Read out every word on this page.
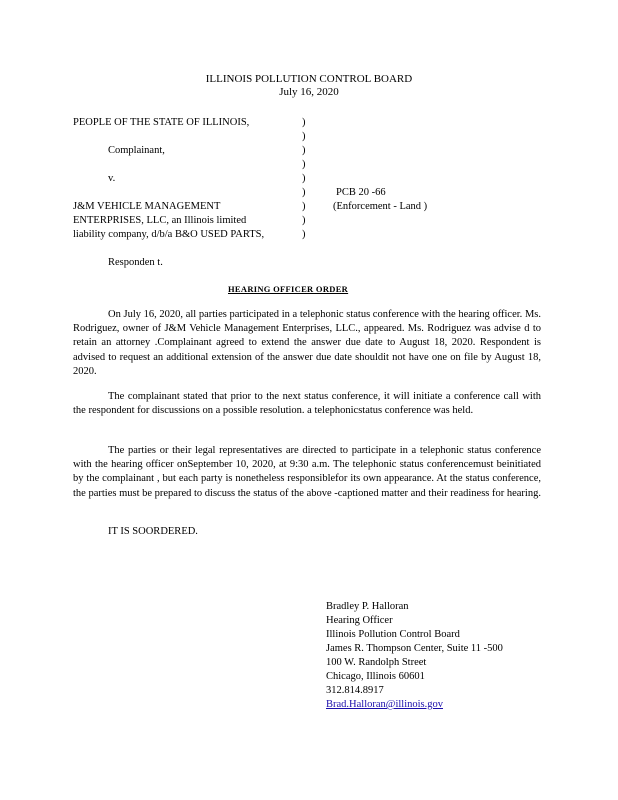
ILLINOIS POLLUTION CONTROL BOARD
July 16, 2020
PEOPLE OF THE STATE OF ILLINOIS,
Complainant,
v.
J&M VEHICLE MANAGEMENT
ENTERPRISES, LLC, an Illinois limited
liability company, d/b/a B&O USED PARTS,
Responden t.
)
)
)
)
)
)
)
)
)
PCB 20 -66
(Enforcement - Land )
HEARING OFFICER ORDER

On July 16, 2020, all parties participated in a telephonic status conference with the hearing officer. Ms. Rodriguez, owner of J&M Vehicle Management Enterprises, LLC., appeared. Ms. Rodriguez was advise d to retain an attorney .Complainant agreed to extend the answer due date to August 18, 2020. Respondent is advised to request an additional extension of the answer due date shouldit not have one on file by August 18, 2020.

The complainant stated that prior to the next status conference, it will initiate a conference call with the respondent for discussions on a possible resolution. a telephonicstatus conference was held.

The parties or their legal representatives are directed to participate in a telephonic status conference with the hearing officer onSeptember 10, 2020, at 9:30 a.m. The telephonic status conferencemust beinitiated by the complainant , but each party is nonetheless responsiblefor its own appearance. At the status conference, the parties must be prepared to discuss the status of the above -captioned matter and their readiness for hearing.

IT IS SOORDERED.
Bradley P. Halloran
Hearing Officer
Illinois Pollution Control Board
James R. Thompson Center, Suite 11 -500
100 W. Randolph Street
Chicago, Illinois 60601
312.814.8917
Brad.Halloran@illinois.gov
